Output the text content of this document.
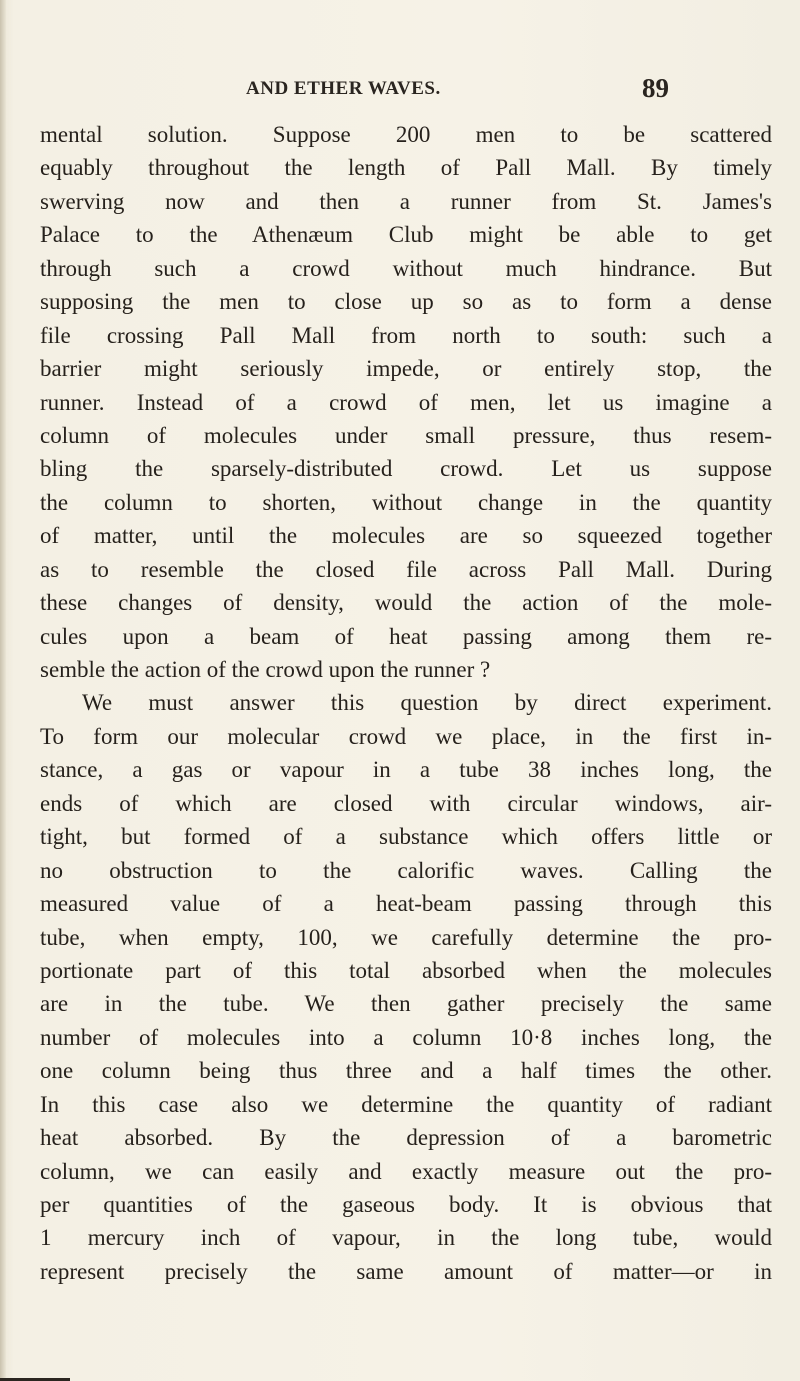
AND ETHER WAVES.	89
mental solution. Suppose 200 men to be scattered
equably throughout the length of Pall Mall. By timely
swerving now and then a runner from St. James's
Palace to the Athenæum Club might be able to get
through such a crowd without much hindrance. But
supposing the men to close up so as to form a dense
file crossing Pall Mall from north to south: such a
barrier might seriously impede, or entirely stop, the
runner. Instead of a crowd of men, let us imagine a
column of molecules under small pressure, thus resem-
bling the sparsely-distributed crowd. Let us suppose
the column to shorten, without change in the quantity
of matter, until the molecules are so squeezed together
as to resemble the closed file across Pall Mall. During
these changes of density, would the action of the mole-
cules upon a beam of heat passing among them re-
semble the action of the crowd upon the runner ?
We must answer this question by direct experiment.
To form our molecular crowd we place, in the first in-
stance, a gas or vapour in a tube 38 inches long, the
ends of which are closed with circular windows, air-
tight, but formed of a substance which offers little or
no obstruction to the calorific waves. Calling the
measured value of a heat-beam passing through this
tube, when empty, 100, we carefully determine the pro-
portionate part of this total absorbed when the molecules
are in the tube. We then gather precisely the same
number of molecules into a column 10·8 inches long, the
one column being thus three and a half times the other.
In this case also we determine the quantity of radiant
heat absorbed. By the depression of a barometric
column, we can easily and exactly measure out the pro-
per quantities of the gaseous body. It is obvious that
1 mercury inch of vapour, in the long tube, would
represent precisely the same amount of matter—or in
